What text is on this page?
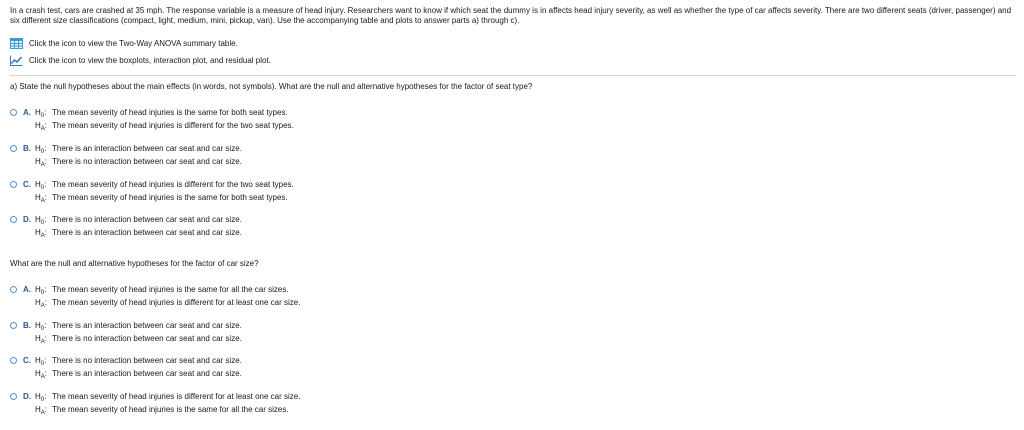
In a crash test, cars are crashed at 35 mph. The response variable is a measure of head injury. Researchers want to know if which seat the dummy is in affects head injury severity, as well as whether the type of car affects severity. There are two different seats (driver, passenger) and six different size classifications (compact, light, medium, mini, pickup, van). Use the accompanying table and plots to answer parts a) through c).
Click the icon to view the Two-Way ANOVA summary table.
Click the icon to view the boxplots, interaction plot, and residual plot.
a) State the null hypotheses about the main effects (in words, not symbols). What are the null and alternative hypotheses for the factor of seat type?
A. $H_0$: The mean severity of head injuries is the same for both seat types.
$H_A$: The mean severity of head injuries is different for the two seat types.
B. $H_0$: There is an interaction between car seat and car size.
$H_A$: There is no interaction between car seat and car size.
C. $H_0$: The mean severity of head injuries is different for the two seat types.
$H_A$: The mean severity of head injuries is the same for both seat types.
D. $H_0$: There is no interaction between car seat and car size.
$H_A$: There is an interaction between car seat and car size.
What are the null and alternative hypotheses for the factor of car size?
A. $H_0$: The mean severity of head injuries is the same for all the car sizes.
$H_A$: The mean severity of head injuries is different for at least one car size.
B. $H_0$: There is an interaction between car seat and car size.
$H_A$: There is no interaction between car seat and car size.
C. $H_0$: There is no interaction between car seat and car size.
$H_A$: There is an interaction between car seat and car size.
D. $H_0$: The mean severity of head injuries is different for at least one car size.
$H_A$: The mean severity of head injuries is the same for all the car sizes.
